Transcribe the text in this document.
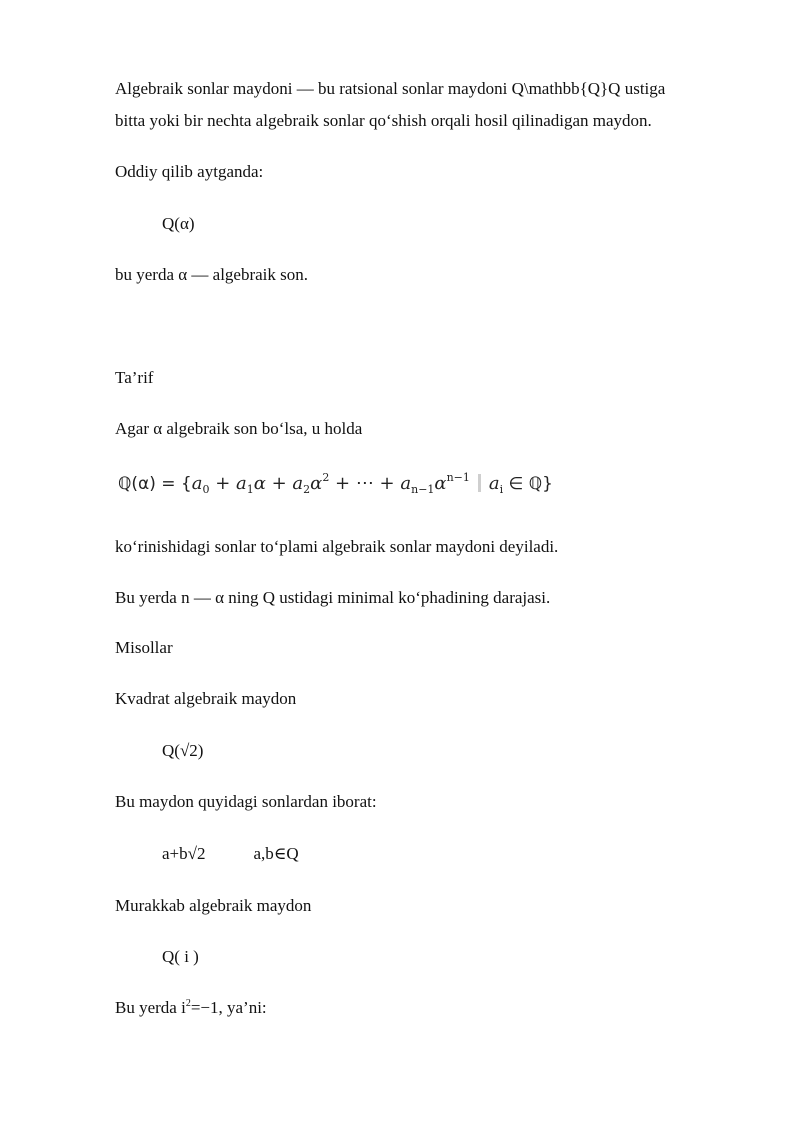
Algebraik sonlar maydoni — bu ratsional sonlar maydoni Q\mathbb{Q}Q ustiga
bitta yoki bir nechta algebraik sonlar qo‘shish orqali hosil qilinadigan maydon.
Oddiy qilib aytganda:
Q(α)
bu yerda α — algebraik son.
Ta’rif
Agar α algebraik son bo‘lsa, u holda
ℚ(α) = {$a_0 + a_1\alpha + a_2\alpha^2$ + ⋯ + $a_{n-1}\alpha^{n-1}$ $a_i$ ∈ ℚ}
ko‘rinishidagi sonlar to‘plami algebraik sonlar maydoni deyiladi.
Bu yerda n — α ning Q ustidagi minimal ko‘phadining darajasi.
Misollar
Kvadrat algebraik maydon
Q(√2)
Bu maydon quyidagi sonlardan iborat:
a+b√2	a,b∈Q
Murakkab algebraik maydon
Q( i )
Bu yerda $i^2=-1$, ya’ni:
